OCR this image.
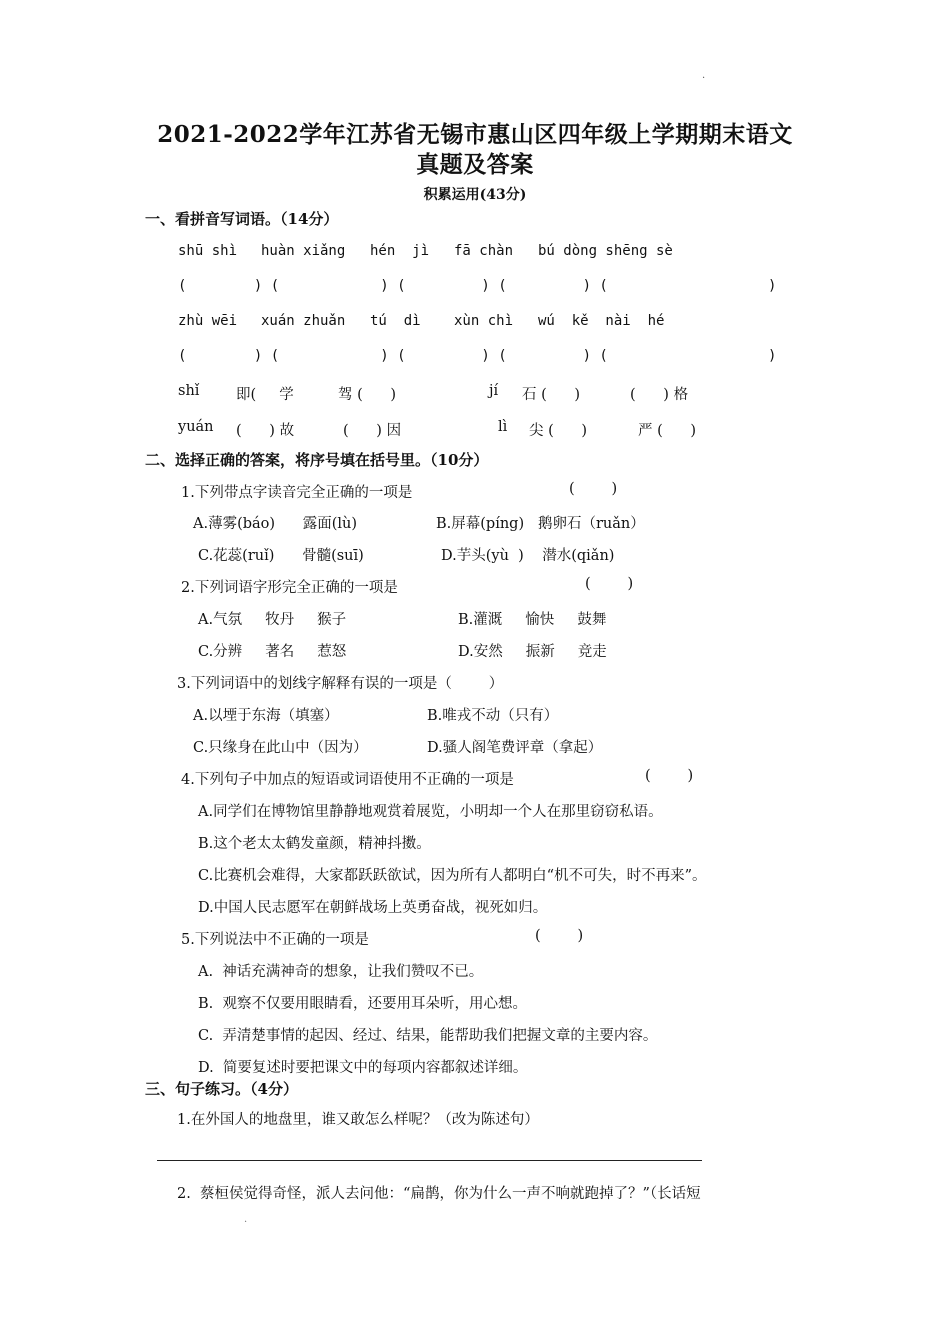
.
2021-2022学年江苏省无锡市惠山区四年级上学期期末语文
真题及答案
积累运用(43分)
一、看拼音写词语。（14分）
shū shì huàn xiǎng hén  jì fā chàn bú dòng shēng sè
(        ) (            ) (         ) (         ) (                   )
zhù wēi xuán zhuǎn tú  dì xùn chì wú  kě  nài  hé
(        ) (            ) (         ) (         ) (                   )
shǐ	即(     学	驾 (      )	jí 石 (      )	(      ) 格
yuán (      ) 故	(      ) 因	lì 尖 (      )	严 (      )
二、选择正确的答案，将序号填在括号里。（10分）
1.下列带点字读音完全正确的一项是	(        )
A.薄雾(báo)      露面(lù)	B.屏幕(píng)   鹅卵石（ruǎn）
C.花蕊(ruǐ)      骨髓(suī)	D.芋头(yù  )    潜水(qiǎn)
2.下列词语字形完全正确的一项是	(        )
A.气氛     牧丹     猴子	B.灌溉     愉快     鼓舞
C.分辨     著名     惹怒	D.安然     振新     竞走
3.下列词语中的划线字解释有误的一项是（        ）
A.以堙于东海（填塞）	B.唯戎不动（只有）
C.只缘身在此山中（因为）	D.骚人阁笔费评章（拿起）
4.下列句子中加点的短语或词语使用不正确的一项是	(        )
A.同学们在博物馆里静静地观赏着展览，小明却一个人在那里窃窃私语。
B.这个老太太鹤发童颜，精神抖擞。
C.比赛机会难得，大家都跃跃欲试，因为所有人都明白“机不可失，时不再来”。
D.中国人民志愿军在朝鲜战场上英勇奋战，视死如归。
5.下列说法中不正确的一项是	(        )
A.  神话充满神奇的想象，让我们赞叹不已。
B.  观察不仅要用眼睛看，还要用耳朵听，用心想。
C.  弄清楚事情的起因、经过、结果，能帮助我们把握文章的主要内容。
D.  简要复述时要把课文中的每项内容都叙述详细。
三、句子练习。（4分）
1.在外国人的地盘里，谁又敢怎么样呢？（改为陈述句）
2.  蔡桓侯觉得奇怪，派人去问他：“扁鹊，你为什么一声不响就跑掉了？”（长话短
.
